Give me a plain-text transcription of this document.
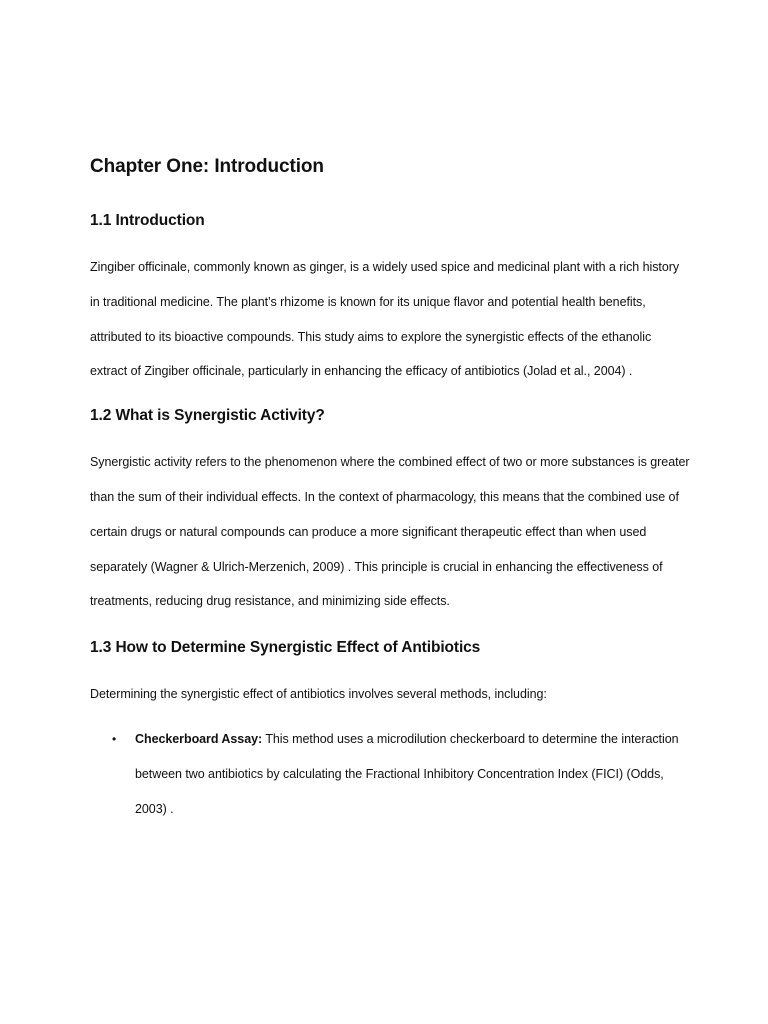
Chapter One: Introduction
1.1 Introduction

Zingiber officinale, commonly known as ginger, is a widely used spice and medicinal plant with a rich history in traditional medicine. The plant’s rhizome is known for its unique flavor and potential health benefits, attributed to its bioactive compounds. This study aims to explore the synergistic effects of the ethanolic extract of Zingiber officinale, particularly in enhancing the efficacy of antibiotics (Jolad et al., 2004) .

1.2 What is Synergistic Activity?

Synergistic activity refers to the phenomenon where the combined effect of two or more substances is greater than the sum of their individual effects. In the context of pharmacology, this means that the combined use of certain drugs or natural compounds can produce a more significant therapeutic effect than when used separately (Wagner & Ulrich-Merzenich, 2009) . This principle is crucial in enhancing the effectiveness of treatments, reducing drug resistance, and minimizing side effects.

1.3 How to Determine Synergistic Effect of Antibiotics

Determining the synergistic effect of antibiotics involves several methods, including:

• Checkerboard Assay: This method uses a microdilution checkerboard to determine the interaction between two antibiotics by calculating the Fractional Inhibitory Concentration Index (FICI) (Odds, 2003) .
